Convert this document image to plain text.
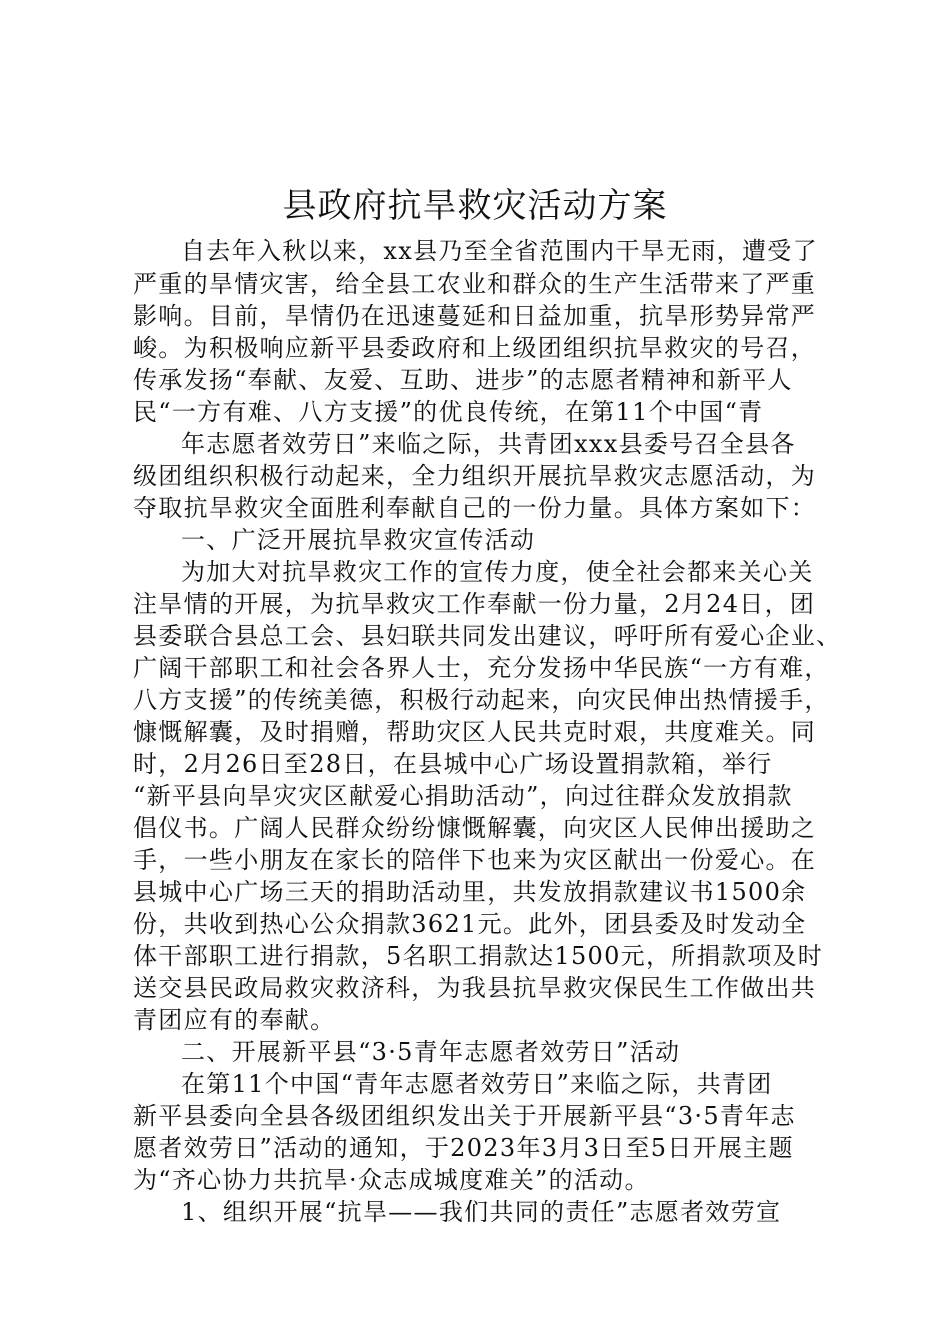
县政府抗旱救灾活动方案

自去年入秋以来，xx县乃至全省范围内干旱无雨，遭受了

严重的旱情灾害，给全县工农业和群众的生产生活带来了严重

影响。目前，旱情仍在迅速蔓延和日益加重，抗旱形势异常严

峻。为积极响应新平县委政府和上级团组织抗旱救灾的号召，

传承发扬“奉献、友爱、互助、进步”的志愿者精神和新平人

民“一方有难、八方支援”的优良传统，在第11个中国“青

年志愿者效劳日”来临之际，共青团xxx县委号召全县各

级团组织积极行动起来，全力组织开展抗旱救灾志愿活动，为

夺取抗旱救灾全面胜利奉献自己的一份力量。具体方案如下：

一、广泛开展抗旱救灾宣传活动

为加大对抗旱救灾工作的宣传力度，使全社会都来关心关

注旱情的开展，为抗旱救灾工作奉献一份力量，2月24日，团

县委联合县总工会、县妇联共同发出建议，呼吁所有爱心企业、

广阔干部职工和社会各界人士，充分发扬中华民族“一方有难，

八方支援”的传统美德，积极行动起来，向灾民伸出热情援手，

慷慨解囊，及时捐赠，帮助灾区人民共克时艰，共度难关。同

时，2月26日至28日，在县城中心广场设置捐款箱，举行

“新平县向旱灾灾区献爱心捐助活动”，向过往群众发放捐款

倡仪书。广阔人民群众纷纷慷慨解囊，向灾区人民伸出援助之

手，一些小朋友在家长的陪伴下也来为灾区献出一份爱心。在

县城中心广场三天的捐助活动里，共发放捐款建议书1500余

份，共收到热心公众捐款3621元。此外，团县委及时发动全

体干部职工进行捐款，5名职工捐款达1500元，所捐款项及时

送交县民政局救灾救济科，为我县抗旱救灾保民生工作做出共

青团应有的奉献。

二、开展新平县“3·5青年志愿者效劳日”活动

在第11个中国“青年志愿者效劳日”来临之际，共青团

新平县委向全县各级团组织发出关于开展新平县“3·5青年志

愿者效劳日”活动的通知，于2023年3月3日至5日开展主题

为“齐心协力共抗旱·众志成城度难关”的活动。

1、组织开展“抗旱——我们共同的责任”志愿者效劳宣
